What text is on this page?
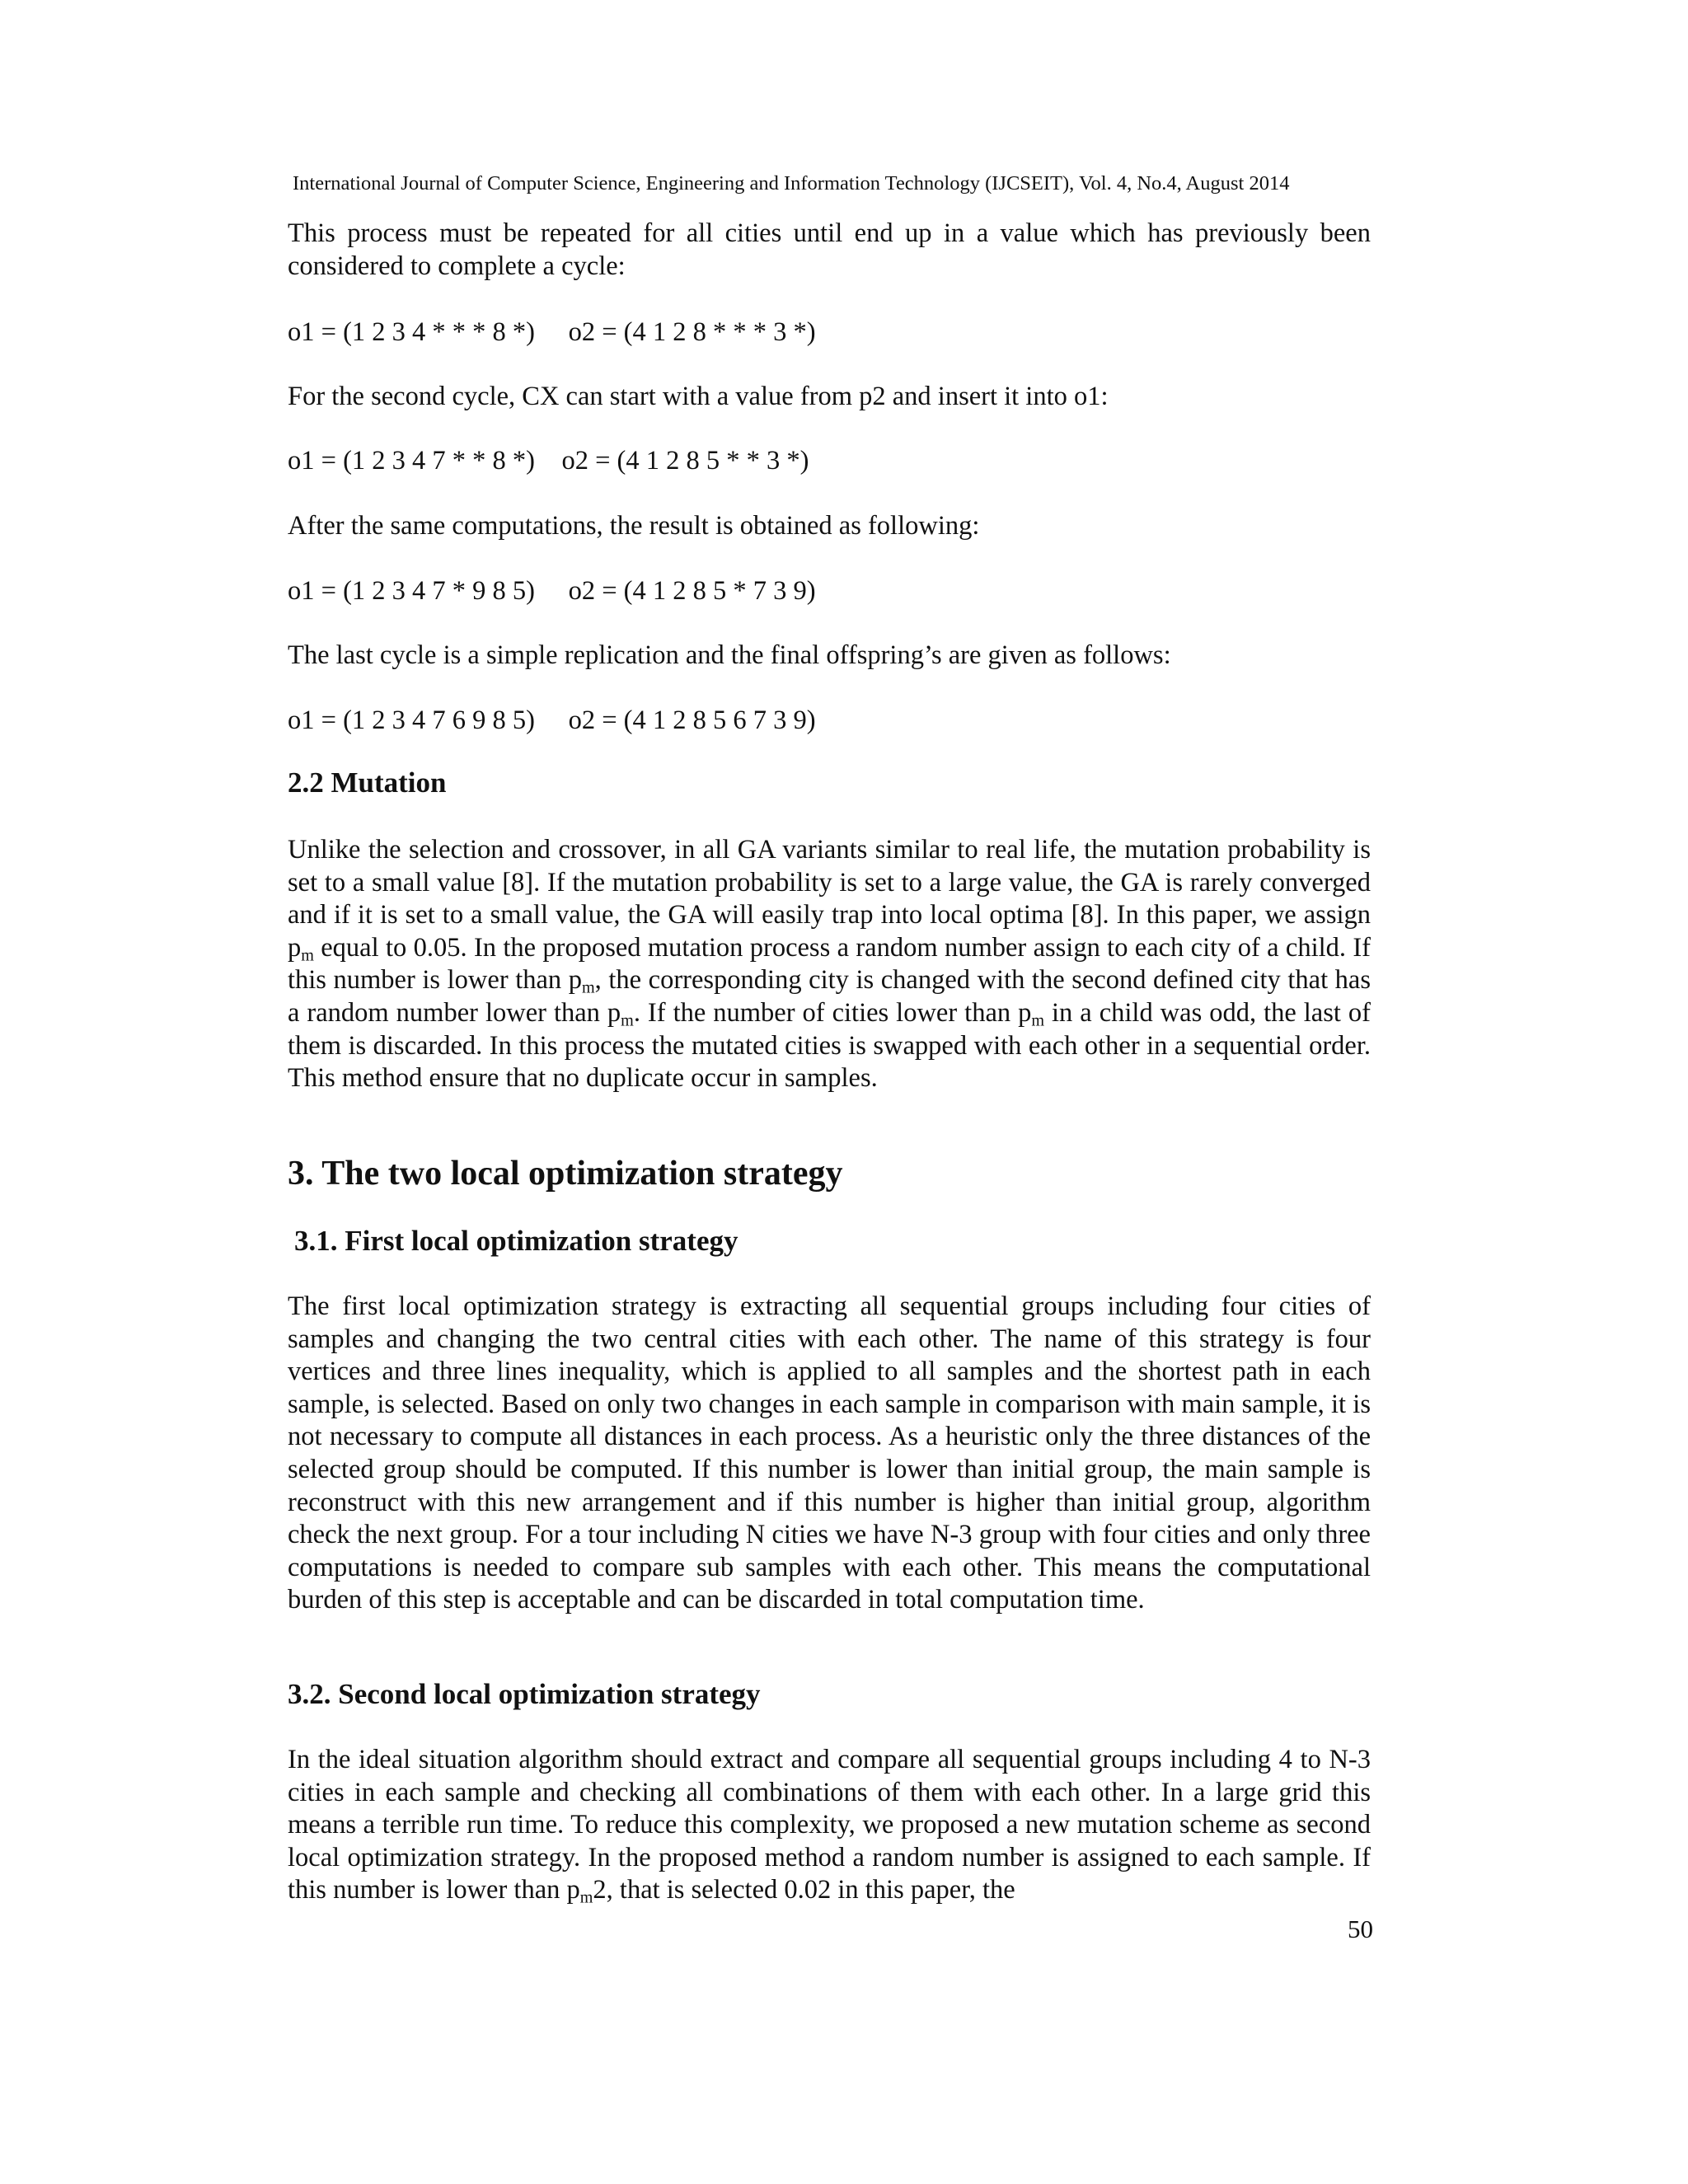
International Journal of Computer Science, Engineering and Information Technology (IJCSEIT), Vol. 4, No.4, August 2014

This process must be repeated for all cities until end up in a value which has previously been considered to complete a cycle:

o1 = (1 2 3 4 * * * 8 *)     o2 = (4 1 2 8 * * * 3 *)

For the second cycle, CX can start with a value from p2 and insert it into o1:

o1 = (1 2 3 4 7 * * 8 *)    o2 = (4 1 2 8 5 * * 3 *)

After the same computations, the result is obtained as following:

o1 = (1 2 3 4 7 * 9 8 5)     o2 = (4 1 2 8 5 * 7 3 9)

The last cycle is a simple replication and the final offspring’s are given as follows:

o1 = (1 2 3 4 7 6 9 8 5)     o2 = (4 1 2 8 5 6 7 3 9)
2.2 Mutation

Unlike the selection and crossover, in all GA variants similar to real life, the mutation probability is set to a small value [8]. If the mutation probability is set to a large value, the GA is rarely converged and if it is set to a small value, the GA will easily trap into local optima [8]. In this paper, we assign $p_m$ equal to 0.05. In the proposed mutation process a random number assign to each city of a child. If this number is lower than $p_m$, the corresponding city is changed with the second defined city that has a random number lower than $p_m$. If the number of cities lower than $p_m$ in a child was odd, the last of them is discarded. In this process the mutated cities is swapped with each other in a sequential order. This method ensure that no duplicate occur in samples.

3. The two local optimization strategy
3.1. First local optimization strategy

The first local optimization strategy is extracting all sequential groups including four cities of samples and changing the two central cities with each other. The name of this strategy is four vertices and three lines inequality, which is applied to all samples and the shortest path in each sample, is selected. Based on only two changes in each sample in comparison with main sample, it is not necessary to compute all distances in each process. As a heuristic only the three distances of the selected group should be computed. If this number is lower than initial group, the main sample is reconstruct with this new arrangement and if this number is higher than initial group, algorithm check the next group. For a tour including N cities we have N-3 group with four cities and only three computations is needed to compare sub samples with each other. This means the computational burden of this step is acceptable and can be discarded in total computation time.

3.2. Second local optimization strategy

In the ideal situation algorithm should extract and compare all sequential groups including 4 to N-3 cities in each sample and checking all combinations of them with each other. In a large grid this means a terrible run time. To reduce this complexity, we proposed a new mutation scheme as second local optimization strategy. In the proposed method a random number is assigned to each sample. If this number is lower than $p_m2$, that is selected 0.02 in this paper, the

50
